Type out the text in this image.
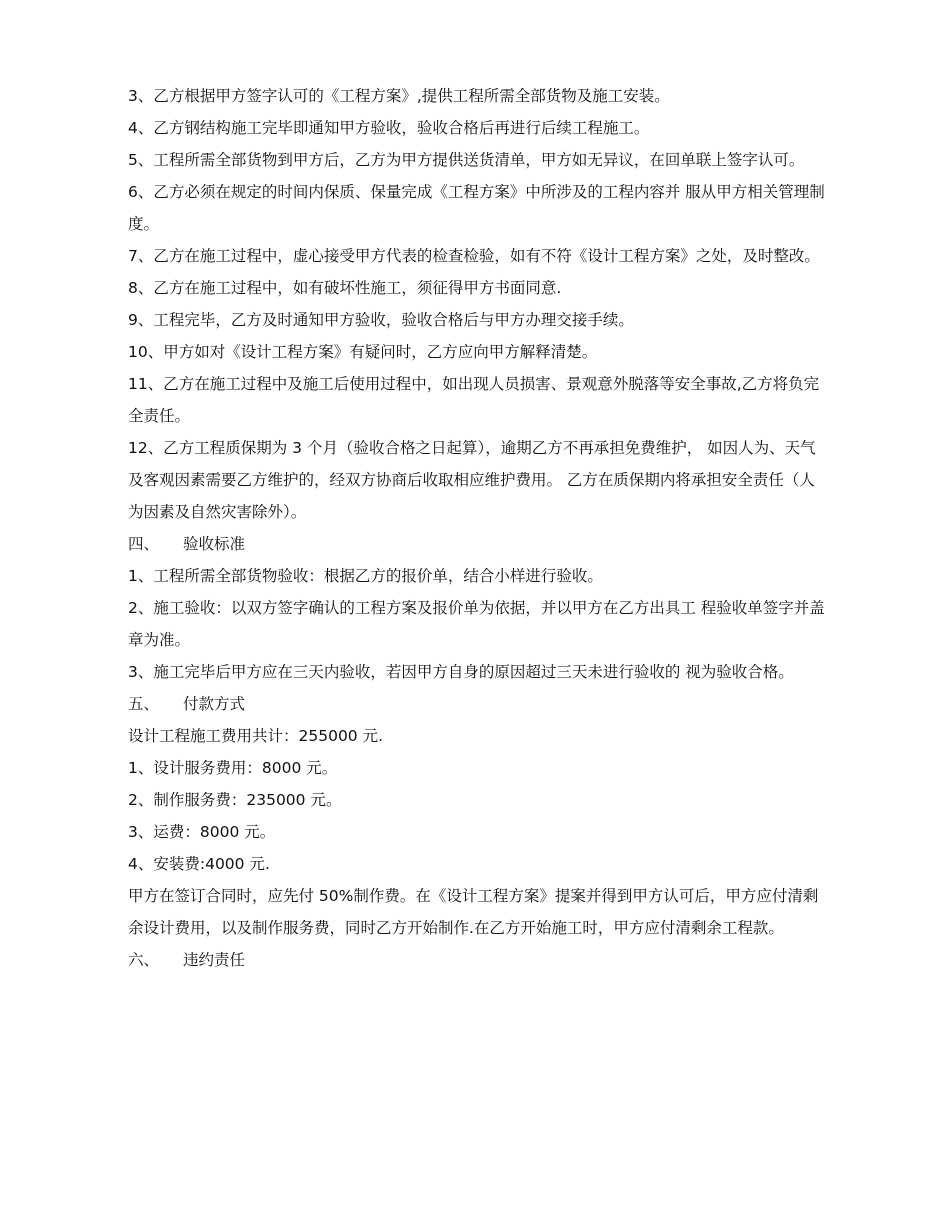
3、乙方根据甲方签字认可的《工程方案》,提供工程所需全部货物及施工安装。

4、乙方钢结构施工完毕即通知甲方验收，验收合格后再进行后续工程施工。

5、工程所需全部货物到甲方后，乙方为甲方提供送货清单，甲方如无异议，在回单联上签字认可。

6、乙方必须在规定的时间内保质、保量完成《工程方案》中所涉及的工程内容并 服从甲方相关管理制度。

7、乙方在施工过程中，虚心接受甲方代表的检查检验，如有不符《设计工程方案》之处，及时整改。

8、乙方在施工过程中，如有破坏性施工，须征得甲方书面同意.

9、工程完毕，乙方及时通知甲方验收，验收合格后与甲方办理交接手续。

10、甲方如对《设计工程方案》有疑问时，乙方应向甲方解释清楚。

11、乙方在施工过程中及施工后使用过程中，如出现人员损害、景观意外脱落等安全事故,乙方将负完全责任。

12、乙方工程质保期为 3 个月（验收合格之日起算），逾期乙方不再承担免费维护， 如因人为、天气及客观因素需要乙方维护的，经双方协商后收取相应维护费用。 乙方在质保期内将承担安全责任（人为因素及自然灾害除外）。

四、 验收标准

1、工程所需全部货物验收：根据乙方的报价单，结合小样进行验收。

2、施工验收：以双方签字确认的工程方案及报价单为依据，并以甲方在乙方出具工 程验收单签字并盖章为准。

3、施工完毕后甲方应在三天内验收，若因甲方自身的原因超过三天未进行验收的 视为验收合格。

五、 付款方式

设计工程施工费用共计：255000 元.

1、设计服务费用：8000 元。

2、制作服务费：235000 元。

3、运费：8000 元。

4、安装费:4000 元.

甲方在签订合同时，应先付 50%制作费。在《设计工程方案》提案并得到甲方认可后，甲方应付清剩余设计费用，以及制作服务费，同时乙方开始制作.在乙方开始施工时，甲方应付清剩余工程款。

六、 违约责任
